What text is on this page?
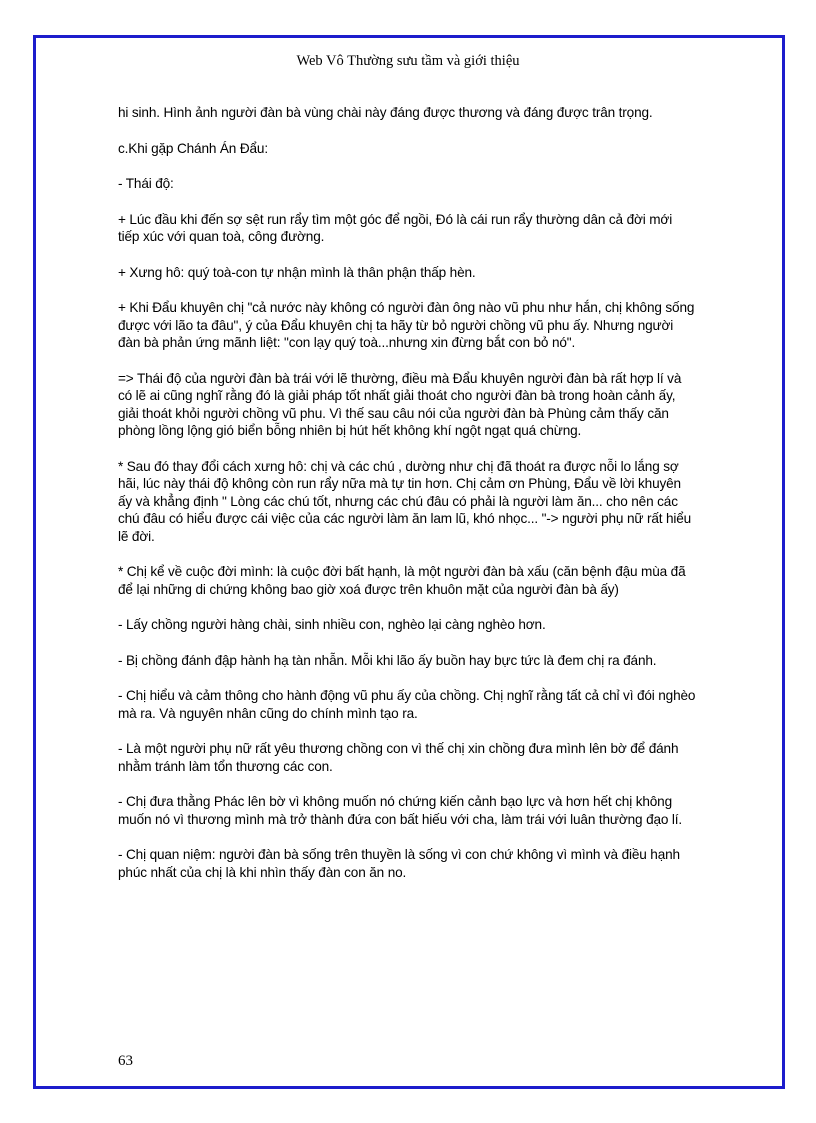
Web Vô Thường sưu tầm và giới thiệu

hi sinh. Hình ảnh người đàn bà vùng chài này đáng được thương và đáng được trân trọng.

c.Khi gặp Chánh Án Đẩu:

- Thái độ:

+ Lúc đầu khi đến sợ sệt run rẩy tìm một góc để ngồi, Đó là cái run rẩy thường dân cả đời mới tiếp xúc với quan toà, công đường.

+ Xưng hô: quý toà-con tự nhận mình là thân phận thấp hèn.

+ Khi Đẩu khuyên chị "cả nước này không có người đàn ông nào vũ phu như hắn, chị không sống được với lão ta đâu", ý của Đẩu khuyên chị ta hãy từ bỏ người chồng vũ phu ấy. Nhưng người đàn bà phản ứng mãnh liệt: "con lạy quý toà...nhưng xin đừng bắt con bỏ nó".

=> Thái độ của người đàn bà trái với lẽ thường, điều mà Đẩu khuyên người đàn bà rất hợp lí và có lẽ ai cũng nghĩ rằng đó là giải pháp tốt nhất giải thoát cho người đàn bà trong hoàn cảnh ấy, giải thoát khỏi người chồng vũ phu. Vì thế sau câu nói của người đàn bà Phùng cảm thấy căn phòng lồng lộng gió biển bỗng nhiên bị hút hết không khí ngột ngạt quá chừng.

* Sau đó thay đổi cách xưng hô: chị và các chú , dường như chị đã thoát ra được nỗi lo lắng sợ hãi, lúc này thái độ không còn run rẩy nữa mà tự tin hơn. Chị cảm ơn Phùng, Đẩu về lời khuyên ấy và khẳng định " Lòng các chú tốt, nhưng các chú đâu có phải là người làm ăn... cho nên các chú đâu có hiểu được cái việc của các người làm ăn lam lũ, khó nhọc... "-> người phụ nữ rất hiểu lẽ đời.

* Chị kể về cuộc đời mình: là cuộc đời bất hạnh, là một người đàn bà xấu (căn bệnh đậu mùa đã để lại những di chứng không bao giờ xoá được trên khuôn mặt của người đàn bà ấy)

- Lấy chồng người hàng chài, sinh nhiều con, nghèo lại càng nghèo hơn.

- Bị chồng đánh đập hành hạ tàn nhẫn. Mỗi khi lão ấy buồn hay bực tức là đem chị ra đánh.

- Chị hiểu và cảm thông cho hành động vũ phu ấy của chồng. Chị nghĩ rằng tất cả chỉ vì đói nghèo mà ra. Và nguyên nhân cũng do chính mình tạo ra.

- Là một người phụ nữ rất yêu thương chồng con vì thế chị xin chồng đưa mình lên bờ để đánh nhằm tránh làm tổn thương các con.

- Chị đưa thằng Phác lên bờ vì không muốn nó chứng kiến cảnh bạo lực và hơn hết chị không muốn nó vì thương mình mà trở thành đứa con bất hiếu với cha, làm trái với luân thường đạo lí.

- Chị quan niệm: người đàn bà sống trên thuyền là sống vì con chứ không vì mình và điều hạnh phúc nhất của chị là khi nhìn thấy đàn con ăn no.

63
